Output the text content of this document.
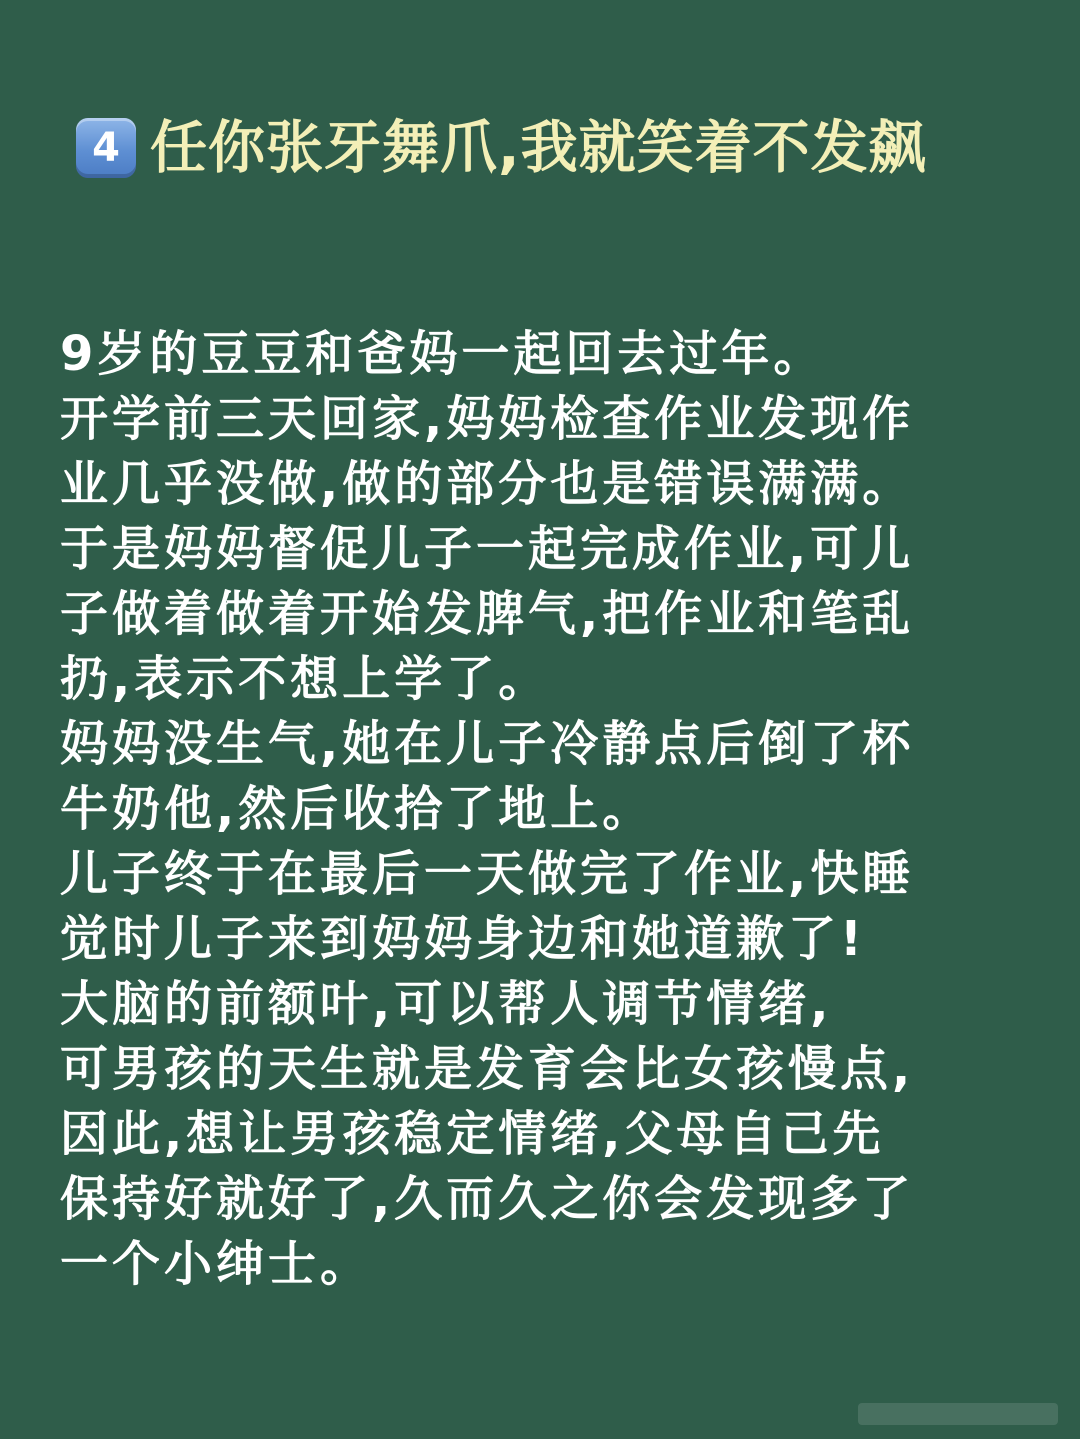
4 任你张牙舞爪,我就笑着不发飙
9岁的豆豆和爸妈一起回去过年。
开学前三天回家,妈妈检查作业发现作
业几乎没做,做的部分也是错误满满。
于是妈妈督促儿子一起完成作业,可儿
子做着做着开始发脾气,把作业和笔乱
扔,表示不想上学了。
妈妈没生气,她在儿子冷静点后倒了杯
牛奶他,然后收拾了地上。
儿子终于在最后一天做完了作业,快睡
觉时儿子来到妈妈身边和她道歉了!
大脑的前额叶,可以帮人调节情绪,
可男孩的天生就是发育会比女孩慢点,
因此,想让男孩稳定情绪,父母自己先
保持好就好了,久而久之你会发现多了
一个小绅士。
